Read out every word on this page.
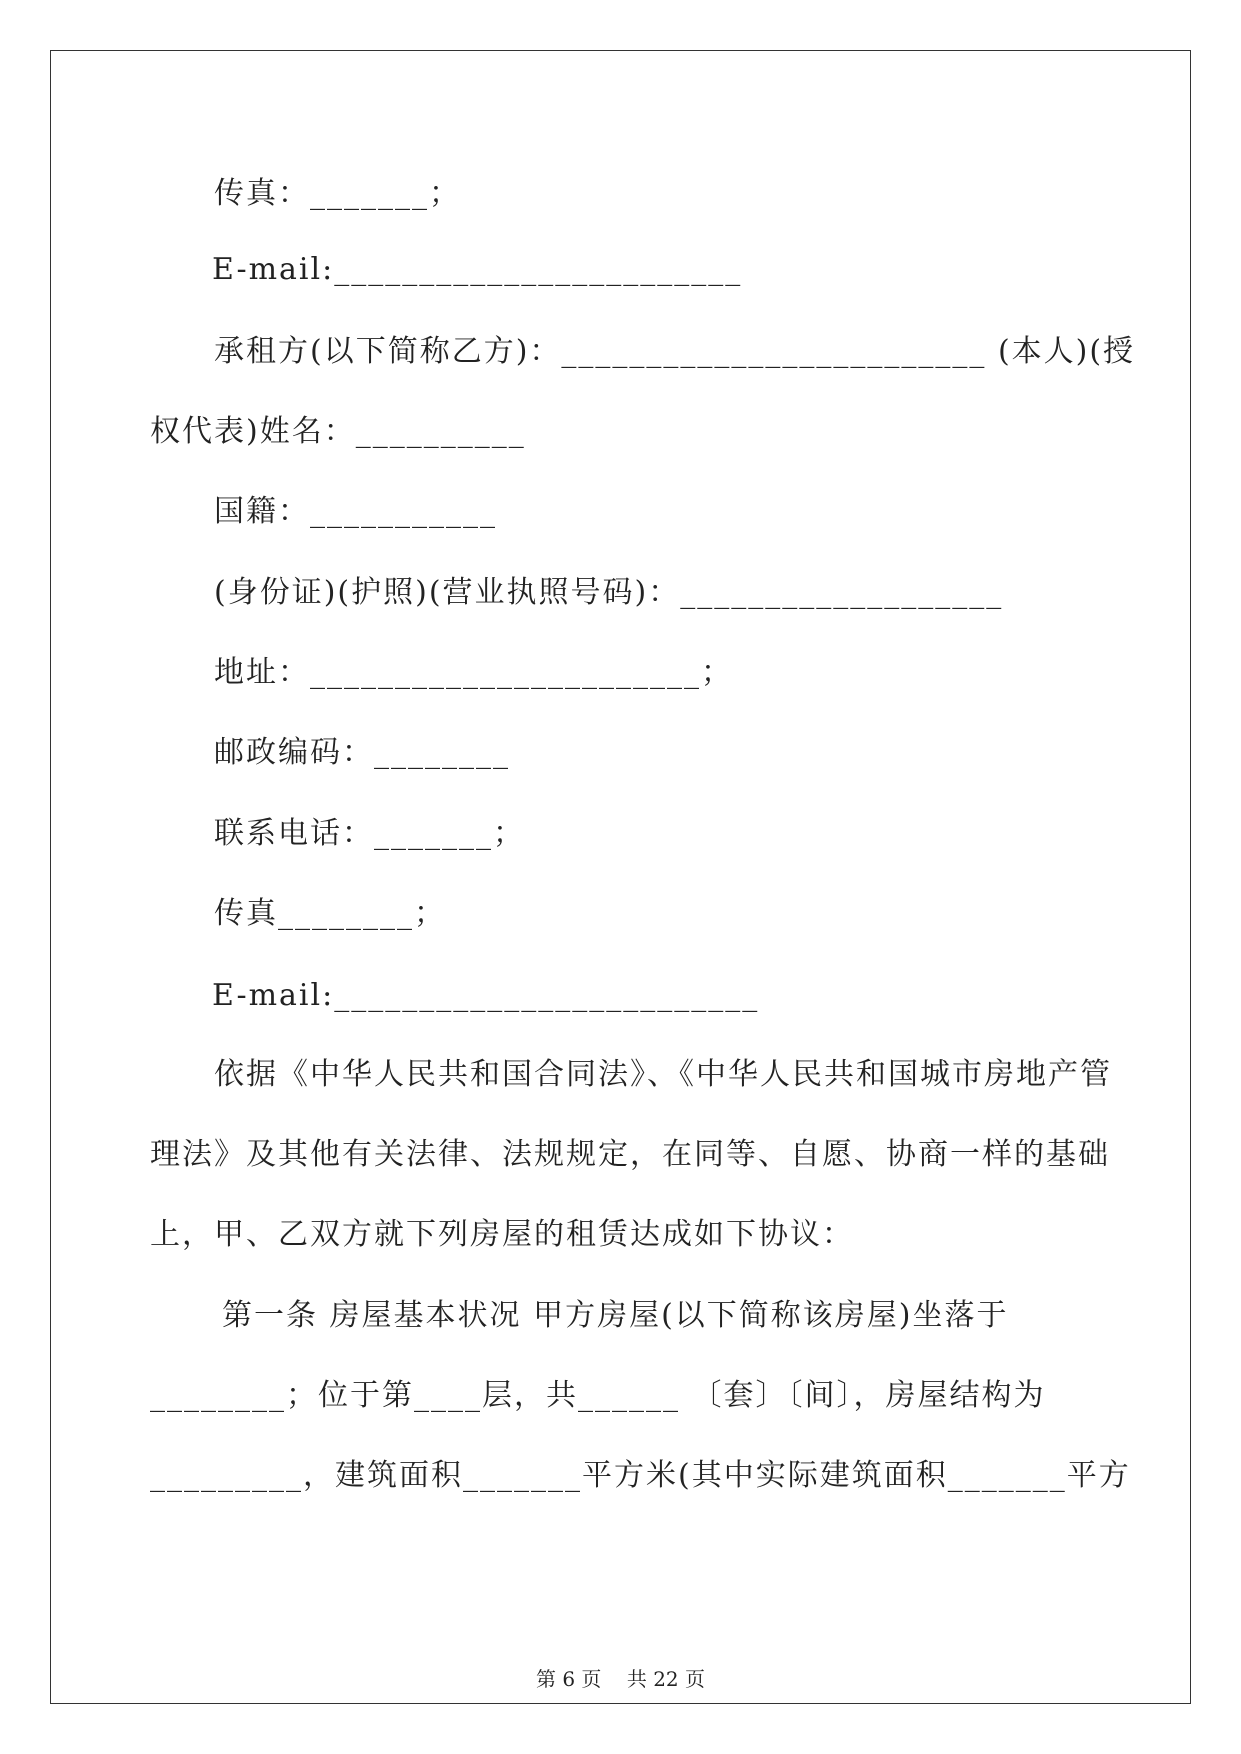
传真：_______；
E-mail:________________________
承租方(以下简称乙方)：_________________________ (本人)(授
权代表)姓名：__________
国籍：___________
(身份证)(护照)(营业执照号码)：___________________
地址：_______________________；
邮政编码：________
联系电话：_______；
传真________；
E-mail:_________________________
依据《中华人民共和国合同法》、《中华人民共和国城市房地产管
理法》及其他有关法律、法规规定，在同等、自愿、协商一样的基础
上，甲、乙双方就下列房屋的租赁达成如下协议：
第一条 房屋基本状况 甲方房屋(以下简称该房屋)坐落于
________；位于第____层，共______ 〔套〕〔间〕，房屋结构为
_________，建筑面积_______平方米(其中实际建筑面积_______平方
第 6 页    共 22 页
